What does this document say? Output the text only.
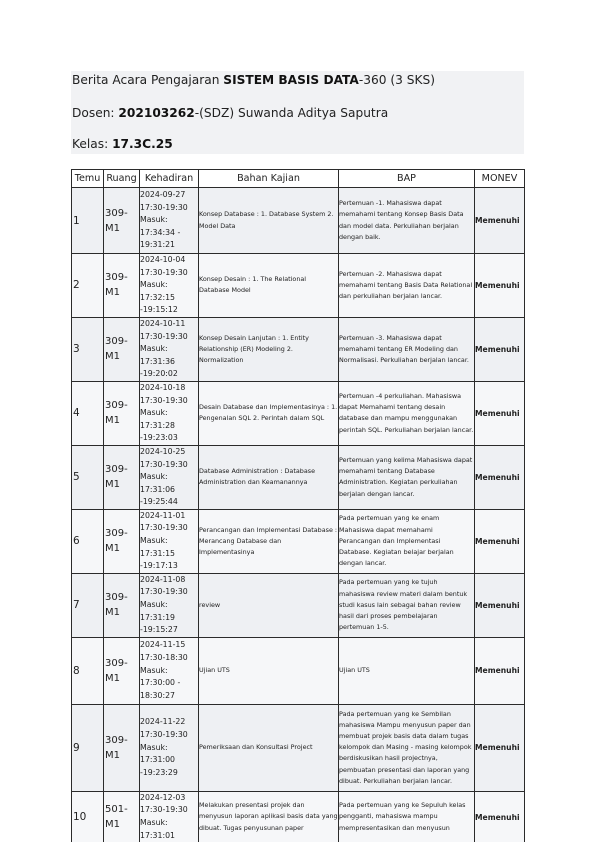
Berita Acara Pengajaran SISTEM BASIS DATA-360 (3 SKS)
Dosen: 202103262-(SDZ) Suwanda Aditya Saputra
Kelas: 17.3C.25
Temu	Ruang	Kehadiran	Bahan Kajian	BAP	MONEV
1	309-M1	2024-09-27 17:30-19:30 Masuk: 17:34:34 - 19:31:21	Konsep Database : 1. Database System 2. Model Data	Pertemuan -1. Mahasiswa dapat memahami tentang Konsep Basis Data dan model data. Perkuliahan berjalan dengan baik.	Memenuhi
2	309-M1	2024-10-04 17:30-19:30 Masuk: 17:32:15 -19:15:12	Konsep Desain : 1. The Relational Database Model	Pertemuan -2. Mahasiswa dapat memahami tentang Basis Data Relational dan perkuliahan berjalan lancar.	Memenuhi
3	309-M1	2024-10-11 17:30-19:30 Masuk: 17:31:36 -19:20:02	Konsep Desain Lanjutan : 1. Entity Relationship (ER) Modeling 2. Normalization	Pertemuan -3. Mahasiswa dapat memahami tentang ER Modeling dan Normalisasi. Perkuliahan berjalan lancar.	Memenuhi
4	309-M1	2024-10-18 17:30-19:30 Masuk: 17:31:28 -19:23:03	Desain Database dan Implementasinya : 1. Pengenalan SQL 2. Perintah dalam SQL	Pertemuan -4 perkuliahan. Mahasiswa dapat Memahami tentang desain database dan mampu menggunakan perintah SQL. Perkuliahan berjalan lancar.	Memenuhi
5	309-M1	2024-10-25 17:30-19:30 Masuk: 17:31:06 -19:25:44	Database Administration : Database Administration dan Keamanannya	Pertemuan yang kelima Mahasiswa dapat memahami tentang Database Administration. Kegiatan perkuliahan berjalan dengan lancar.	Memenuhi
6	309-M1	2024-11-01 17:30-19:30 Masuk: 17:31:15 -19:17:13	Perancangan dan Implementasi Database : Merancang Database dan Implementasinya	Pada pertemuan yang ke enam Mahasiswa dapat memahami Perancangan dan Implementasi Database. Kegiatan belajar berjalan dengan lancar.	Memenuhi
7	309-M1	2024-11-08 17:30-19:30 Masuk: 17:31:19 -19:15:27	review	Pada pertemuan yang ke tujuh mahasiswa review materi dalam bentuk studi kasus lain sebagai bahan review hasil dari proses pembelajaran pertemuan 1-5.	Memenuhi
8	309-M1	2024-11-15 17:30-18:30 Masuk: 17:30:00 - 18:30:27	Ujian UTS	Ujian UTS	Memenuhi
9	309-M1	2024-11-22 17:30-19:30 Masuk: 17:31:00 -19:23:29	Pemeriksaan dan Konsultasi Project	Pada pertemuan yang ke Sembilan mahasiswa Mampu menyusun paper dan membuat projek basis data dalam tugas kelompok dan Masing - masing kelompok berdiskusikan hasil projectnya, pembuatan presentasi dan laporan yang dibuat. Perkuliahan berjalan lancar.	Memenuhi
10	501-M1	2024-12-03 17:30-19:30 Masuk: 17:31:01	Melakukan presentasi projek dan menyusun laporan aplikasi basis data yang dibuat. Tugas penyusunan paper	Pada pertemuan yang ke Sepuluh kelas pengganti, mahasiswa mampu mempresentasikan dan menyusun	Memenuhi
